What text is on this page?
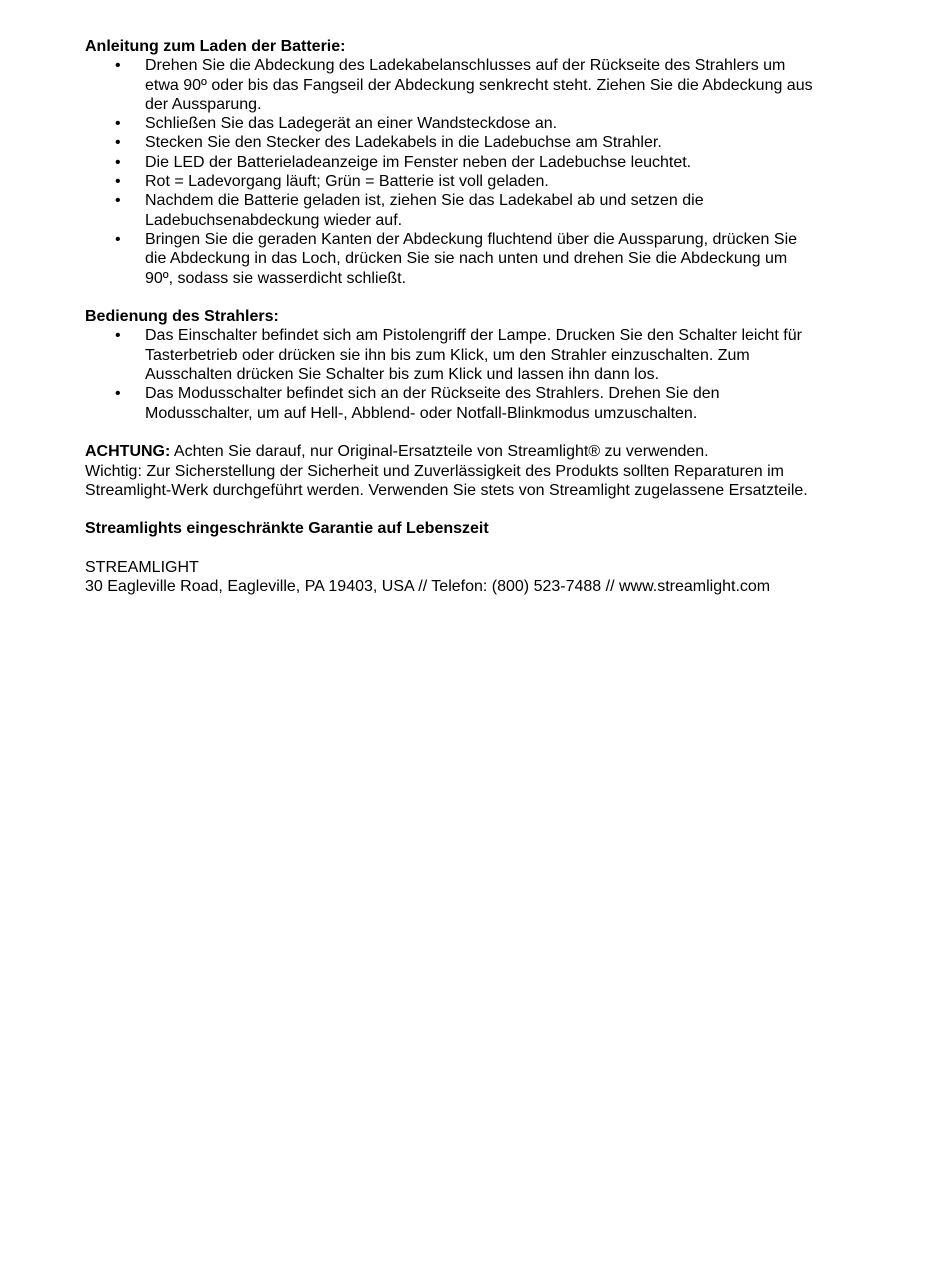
Anleitung zum Laden der Batterie:

• Drehen Sie die Abdeckung des Ladekabelanschlusses auf der Rückseite des Strahlers um etwa 90º oder bis das Fangseil der Abdeckung senkrecht steht. Ziehen Sie die Abdeckung aus der Aussparung.
• Schließen Sie das Ladegerät an einer Wandsteckdose an.
• Stecken Sie den Stecker des Ladekabels in die Ladebuchse am Strahler.
• Die LED der Batterieladeanzeige im Fenster neben der Ladebuchse leuchtet.
• Rot = Ladevorgang läuft; Grün = Batterie ist voll geladen.
• Nachdem die Batterie geladen ist, ziehen Sie das Ladekabel ab und setzen die Ladebuchsenabdeckung wieder auf.
• Bringen Sie die geraden Kanten der Abdeckung fluchtend über die Aussparung, drücken Sie die Abdeckung in das Loch, drücken Sie sie nach unten und drehen Sie die Abdeckung um 90º, sodass sie wasserdicht schließt.

Bedienung des Strahlers:

• Das Einschalter befindet sich am Pistolengriff der Lampe. Drucken Sie den Schalter leicht für Tasterbetrieb oder drücken sie ihn bis zum Klick, um den Strahler einzuschalten. Zum Ausschalten drücken Sie Schalter bis zum Klick und lassen ihn dann los.
• Das Modusschalter befindet sich an der Rückseite des Strahlers. Drehen Sie den Modusschalter, um auf Hell-, Abblend- oder Notfall-Blinkmodus umzuschalten.

ACHTUNG: Achten Sie darauf, nur Original-Ersatzteile von Streamlight® zu verwenden.

Wichtig: Zur Sicherstellung der Sicherheit und Zuverlässigkeit des Produkts sollten Reparaturen im Streamlight-Werk durchgeführt werden. Verwenden Sie stets von Streamlight zugelassene Ersatzteile.

Streamlights eingeschränkte Garantie auf Lebenszeit

STREAMLIGHT

30 Eagleville Road, Eagleville, PA 19403, USA // Telefon: (800) 523-7488 // www.streamlight.com
